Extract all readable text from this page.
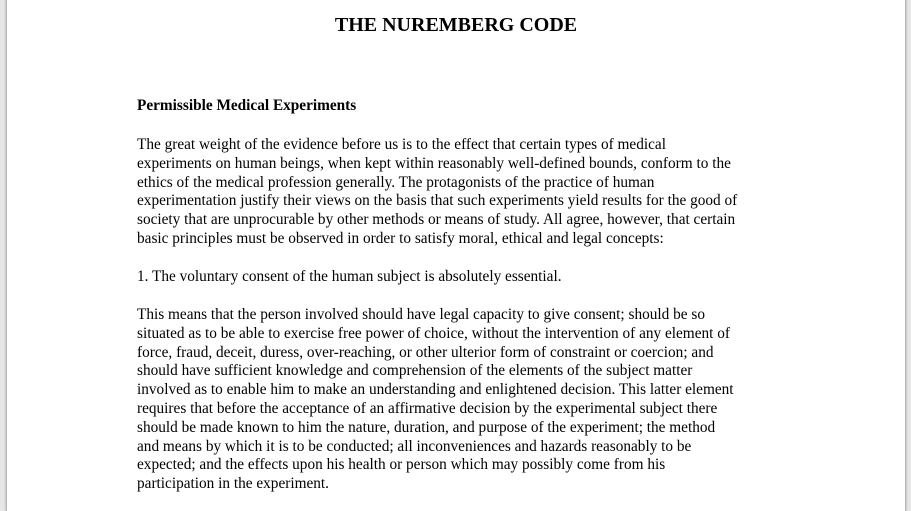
THE NUREMBERG CODE
Permissible Medical Experiments

The great weight of the evidence before us is to the effect that certain types of medical
experiments on human beings, when kept within reasonably well-defined bounds, conform to the
ethics of the medical profession generally. The protagonists of the practice of human
experimentation justify their views on the basis that such experiments yield results for the good of
society that are unprocurable by other methods or means of study. All agree, however, that certain
basic principles must be observed in order to satisfy moral, ethical and legal concepts:

1. The voluntary consent of the human subject is absolutely essential.

This means that the person involved should have legal capacity to give consent; should be so
situated as to be able to exercise free power of choice, without the intervention of any element of
force, fraud, deceit, duress, over-reaching, or other ulterior form of constraint or coercion; and
should have sufficient knowledge and comprehension of the elements of the subject matter
involved as to enable him to make an understanding and enlightened decision. This latter element
requires that before the acceptance of an affirmative decision by the experimental subject there
should be made known to him the nature, duration, and purpose of the experiment; the method
and means by which it is to be conducted; all inconveniences and hazards reasonably to be
expected; and the effects upon his health or person which may possibly come from his
participation in the experiment.
